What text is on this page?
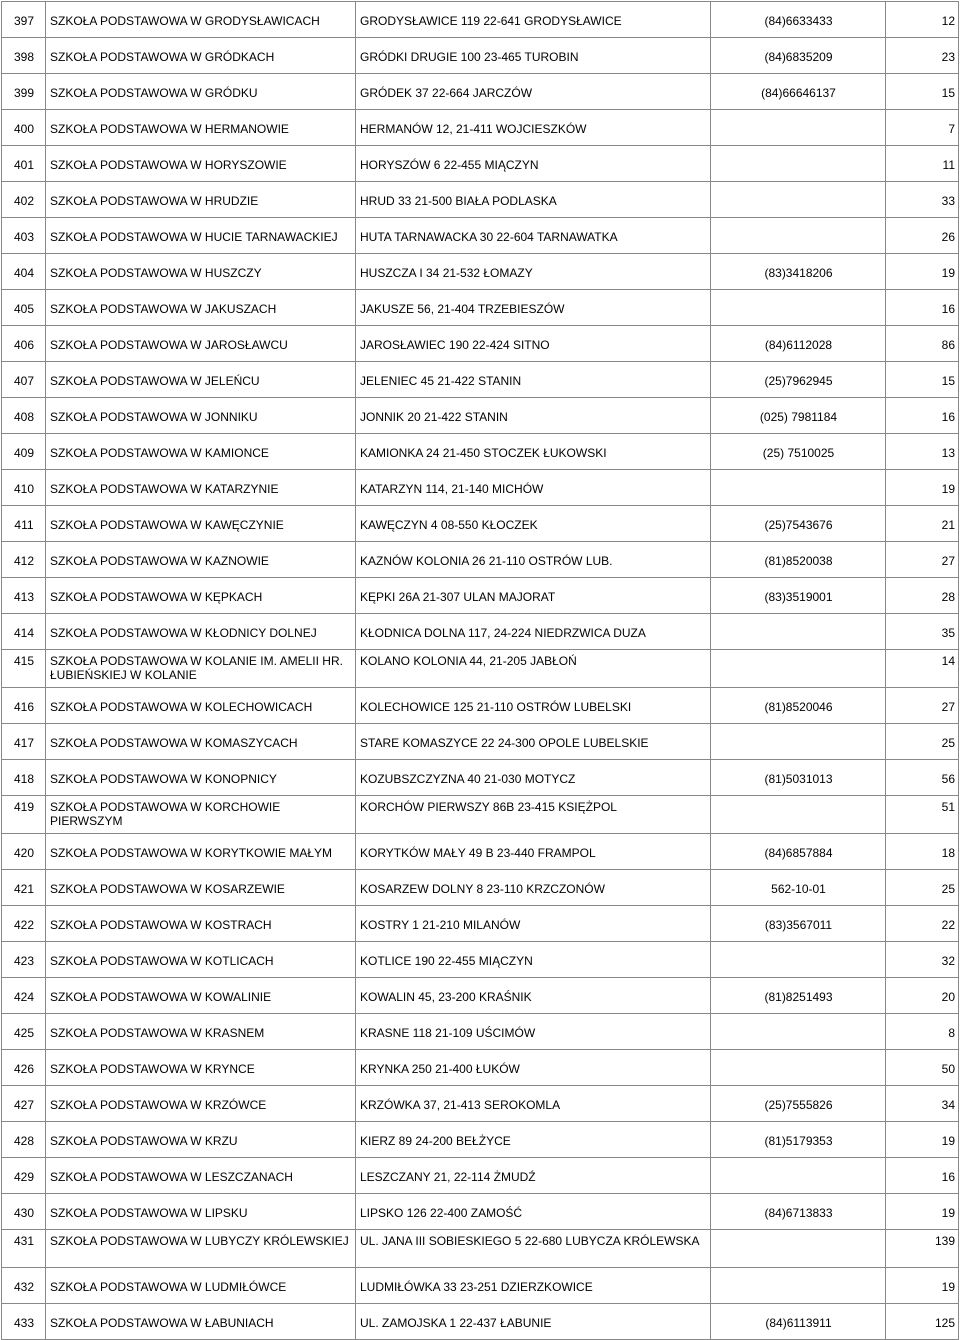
397	SZKOŁA PODSTAWOWA W GRODYSŁAWICACH	GRODYSŁAWICE 119 22-641 GRODYSŁAWICE	(84)6633433	12
398	SZKOŁA PODSTAWOWA W GRÓDKACH	GRÓDKI DRUGIE 100 23-465 TUROBIN	(84)6835209	23
399	SZKOŁA PODSTAWOWA W GRÓDKU	GRÓDEK 37 22-664 JARCZÓW	(84)66646137	15
400	SZKOŁA PODSTAWOWA W HERMANOWIE	HERMANÓW 12, 21-411 WOJCIESZKÓW		7
401	SZKOŁA PODSTAWOWA W HORYSZOWIE	HORYSZÓW 6 22-455 MIĄCZYN		11
402	SZKOŁA PODSTAWOWA W HRUDZIE	HRUD 33 21-500 BIAŁA PODLASKA		33
403	SZKOŁA PODSTAWOWA W HUCIE TARNAWACKIEJ	HUTA TARNAWACKA 30 22-604 TARNAWATKA		26
404	SZKOŁA PODSTAWOWA W HUSZCZY	HUSZCZA I 34 21-532 ŁOMAZY	(83)3418206	19
405	SZKOŁA PODSTAWOWA W JAKUSZACH	JAKUSZE 56, 21-404 TRZEBIESZÓW		16
406	SZKOŁA PODSTAWOWA W JAROSŁAWCU	JAROSŁAWIEC 190 22-424 SITNO	(84)6112028	86
407	SZKOŁA PODSTAWOWA W JELEŃCU	JELENIEC 45 21-422 STANIN	(25)7962945	15
408	SZKOŁA PODSTAWOWA W JONNIKU	JONNIK 20 21-422 STANIN	(025) 7981184	16
409	SZKOŁA PODSTAWOWA W KAMIONCE	KAMIONKA 24 21-450 STOCZEK ŁUKOWSKI	(25) 7510025	13
410	SZKOŁA PODSTAWOWA W KATARZYNIE	KATARZYN 114, 21-140 MICHÓW		19
411	SZKOŁA PODSTAWOWA W KAWĘCZYNIE	KAWĘCZYN 4 08-550 KŁOCZEK	(25)7543676	21
412	SZKOŁA PODSTAWOWA W KAZNOWIE	KAZNÓW KOLONIA 26 21-110 OSTRÓW LUB.	(81)8520038	27
413	SZKOŁA PODSTAWOWA W KĘPKACH	KĘPKI 26A 21-307 ULAN MAJORAT	(83)3519001	28
414	SZKOŁA PODSTAWOWA W KŁODNICY DOLNEJ	KŁODNICA DOLNA 117, 24-224 NIEDRZWICA DUZA		35
415	SZKOŁA PODSTAWOWA W KOLANIE IM. AMELII HR. ŁUBIEŃSKIEJ W KOLANIE	KOLANO KOLONIA 44, 21-205 JABŁOŃ		14
416	SZKOŁA PODSTAWOWA W KOLECHOWICACH	KOLECHOWICE 125 21-110 OSTRÓW LUBELSKI	(81)8520046	27
417	SZKOŁA PODSTAWOWA W KOMASZYCACH	STARE KOMASZYCE 22 24-300 OPOLE LUBELSKIE		25
418	SZKOŁA PODSTAWOWA W KONOPNICY	KOZUBSZCZYZNA 40 21-030 MOTYCZ	(81)5031013	56
419	SZKOŁA PODSTAWOWA W KORCHOWIE PIERWSZYM	KORCHÓW PIERWSZY 86B 23-415 KSIĘŻPOL		51
420	SZKOŁA PODSTAWOWA W KORYTKOWIE MAŁYM	KORYTKÓW MAŁY 49 B 23-440 FRAMPOL	(84)6857884	18
421	SZKOŁA PODSTAWOWA W KOSARZEWIE	KOSARZEW DOLNY 8 23-110 KRZCZONÓW	562-10-01	25
422	SZKOŁA PODSTAWOWA W KOSTRACH	KOSTRY 1 21-210 MILANÓW	(83)3567011	22
423	SZKOŁA PODSTAWOWA W KOTLICACH	KOTLICE 190 22-455 MIĄCZYN		32
424	SZKOŁA PODSTAWOWA W KOWALINIE	KOWALIN 45, 23-200 KRAŚNIK	(81)8251493	20
425	SZKOŁA PODSTAWOWA W KRASNEM	KRASNE 118 21-109 UŚCIMÓW		8
426	SZKOŁA PODSTAWOWA W KRYNCE	KRYNKA 250 21-400 ŁUKÓW		50
427	SZKOŁA PODSTAWOWA W KRZÓWCE	KRZÓWKA 37, 21-413 SEROKOMLA	(25)7555826	34
428	SZKOŁA PODSTAWOWA W KRZU	KIERZ 89 24-200 BEŁŻYCE	(81)5179353	19
429	SZKOŁA PODSTAWOWA W LESZCZANACH	LESZCZANY 21, 22-114 ŻMUDŹ		16
430	SZKOŁA PODSTAWOWA W LIPSKU	LIPSKO 126 22-400 ZAMOŚĆ	(84)6713833	19
431	SZKOŁA PODSTAWOWA W LUBYCZY KRÓLEWSKIEJ	UL. JANA III SOBIESKIEGO 5 22-680 LUBYCZA KRÓLEWSKA		139
432	SZKOŁA PODSTAWOWA W LUDMIŁÓWCE	LUDMIŁÓWKA 33 23-251 DZIERZKOWICE		19
433	SZKOŁA PODSTAWOWA W ŁABUNIACH	UL. ZAMOJSKA 1 22-437 ŁABUNIE	(84)6113911	125
